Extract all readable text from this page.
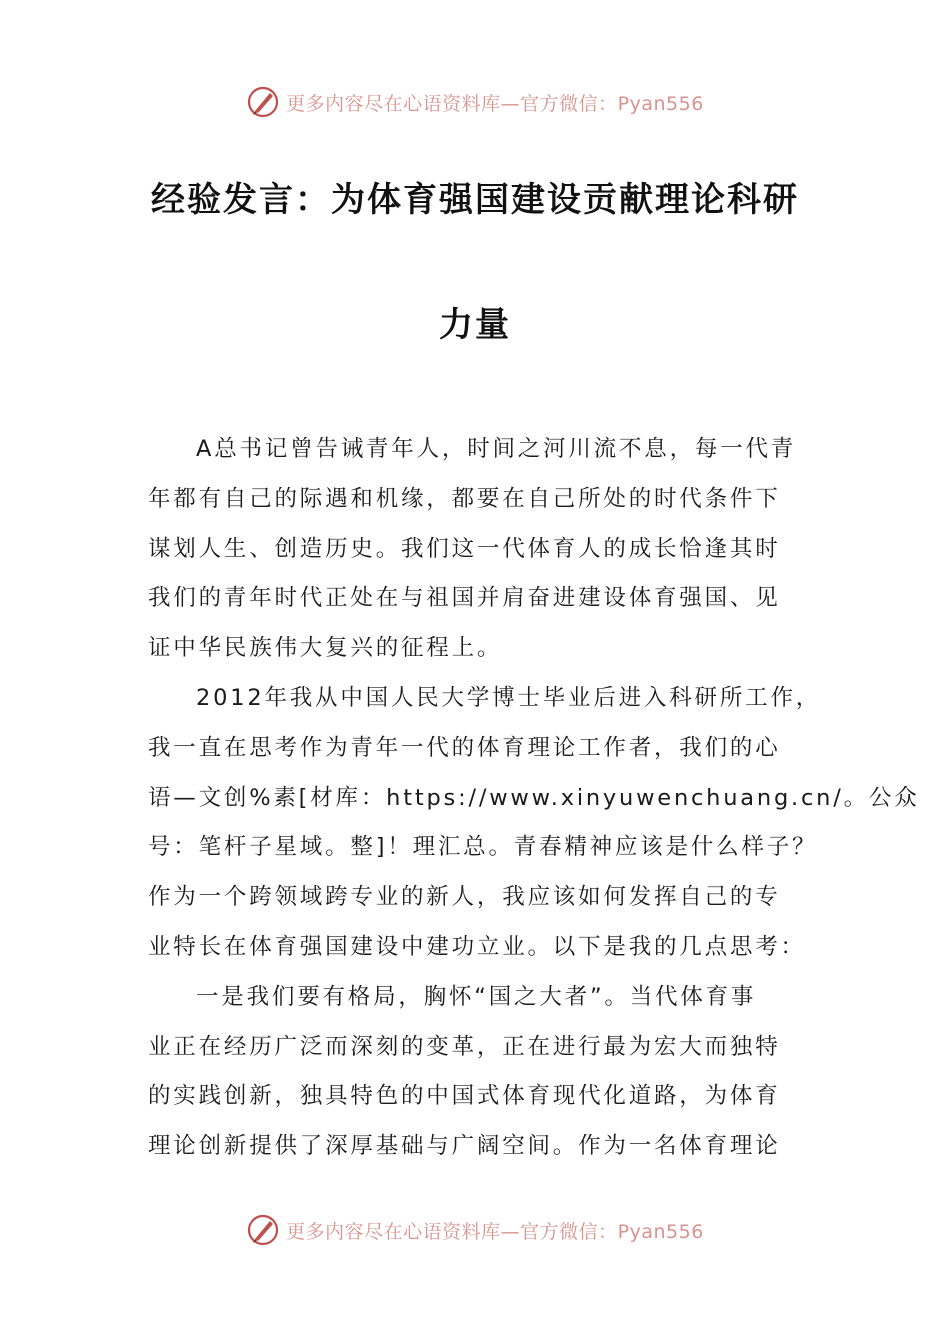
更多内容尽在心语资料库—官方微信：Pyan556
经验发言：为体育强国建设贡献理论科研
力量
A总书记曾告诫青年人，时间之河川流不息，每一代青
年都有自己的际遇和机缘，都要在自己所处的时代条件下
谋划人生、创造历史。我们这一代体育人的成长恰逢其时
我们的青年时代正处在与祖国并肩奋进建设体育强国、见
证中华民族伟大复兴的征程上。
2012年我从中国人民大学博士毕业后进入科研所工作，
我一直在思考作为青年一代的体育理论工作者，我们的心
语—文创%素[材库：https://www.xinyuwenchuang.cn/。公众
号：笔杆子星域。整]！理汇总。青春精神应该是什么样子？
作为一个跨领域跨专业的新人，我应该如何发挥自己的专
业特长在体育强国建设中建功立业。以下是我的几点思考：
一是我们要有格局，胸怀“国之大者”。当代体育事
业正在经历广泛而深刻的变革，正在进行最为宏大而独特
的实践创新，独具特色的中国式体育现代化道路，为体育
理论创新提供了深厚基础与广阔空间。作为一名体育理论
更多内容尽在心语资料库—官方微信：Pyan556
